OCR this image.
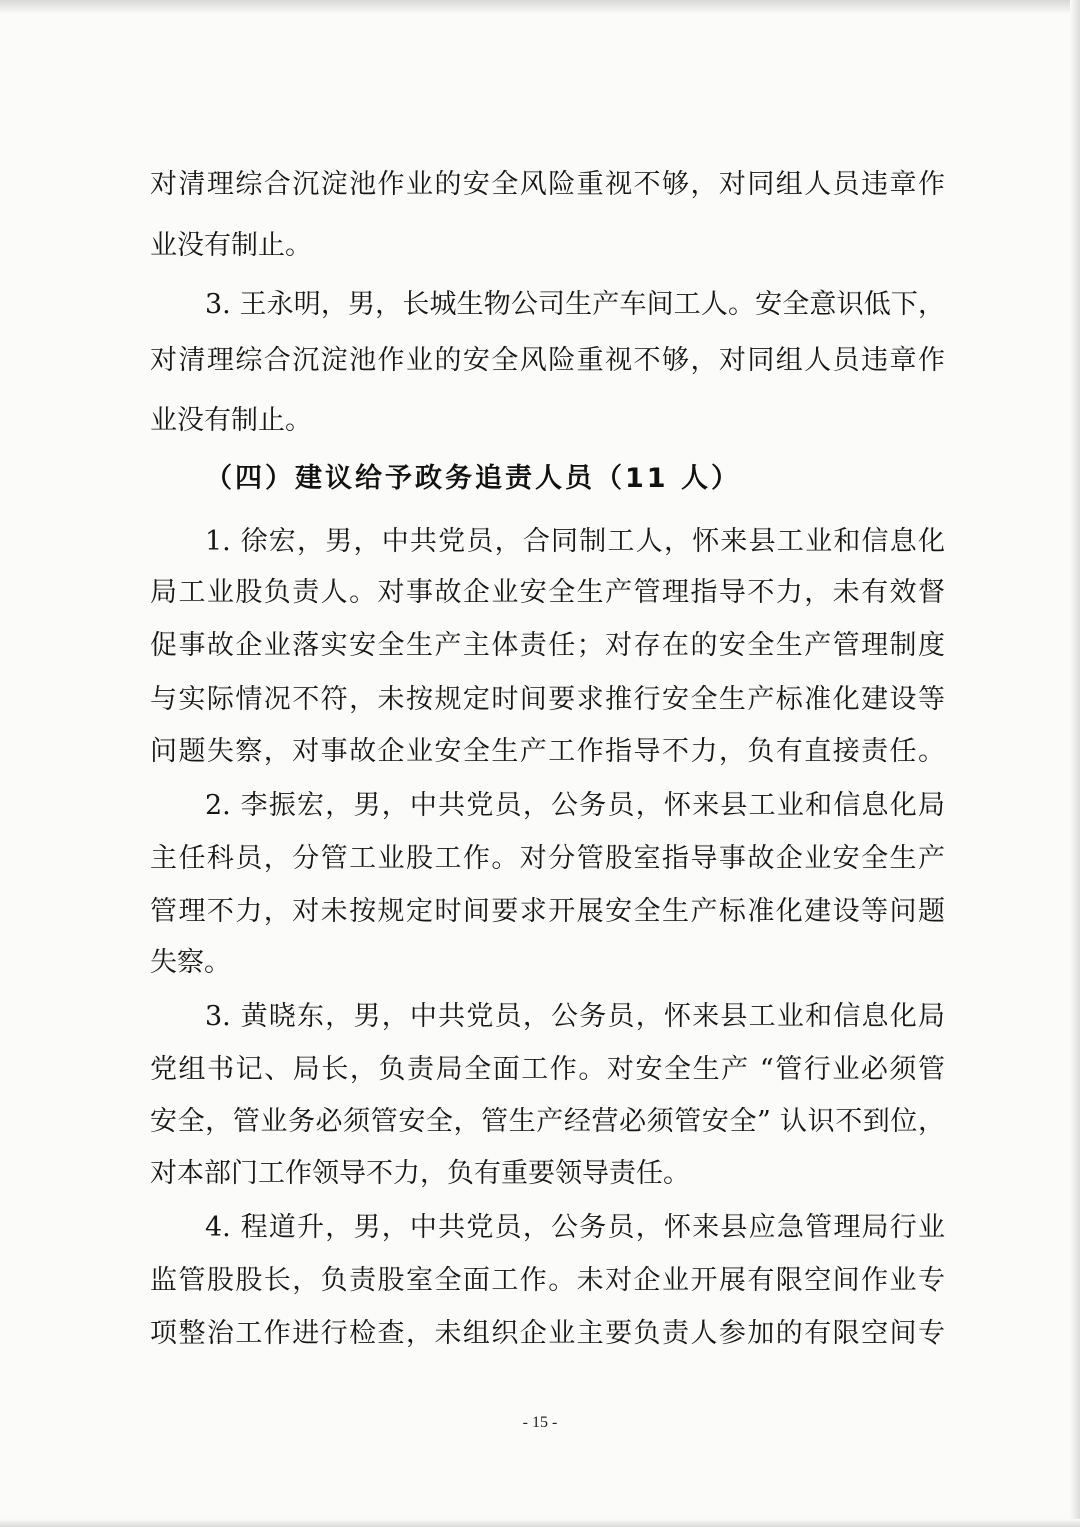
对清理综合沉淀池作业的安全风险重视不够，对同组人员违章作

业没有制止。

3. 王永明，男，长城生物公司生产车间工人。安全意识低下，

对清理综合沉淀池作业的安全风险重视不够，对同组人员违章作

业没有制止。

（四）建议给予政务追责人员（11 人）

1. 徐宏，男，中共党员，合同制工人，怀来县工业和信息化

局工业股负责人。对事故企业安全生产管理指导不力，未有效督

促事故企业落实安全生产主体责任；对存在的安全生产管理制度

与实际情况不符，未按规定时间要求推行安全生产标准化建设等

问题失察，对事故企业安全生产工作指导不力，负有直接责任。

2. 李振宏，男，中共党员，公务员，怀来县工业和信息化局

主任科员，分管工业股工作。对分管股室指导事故企业安全生产

管理不力，对未按规定时间要求开展安全生产标准化建设等问题

失察。

3. 黄晓东，男，中共党员，公务员，怀来县工业和信息化局

党组书记、局长，负责局全面工作。对安全生产 “管行业必须管

安全，管业务必须管安全，管生产经营必须管安全” 认识不到位，

对本部门工作领导不力，负有重要领导责任。

4. 程道升，男，中共党员，公务员，怀来县应急管理局行业

监管股股长，负责股室全面工作。未对企业开展有限空间作业专

项整治工作进行检查，未组织企业主要负责人参加的有限空间专

- 15 -
